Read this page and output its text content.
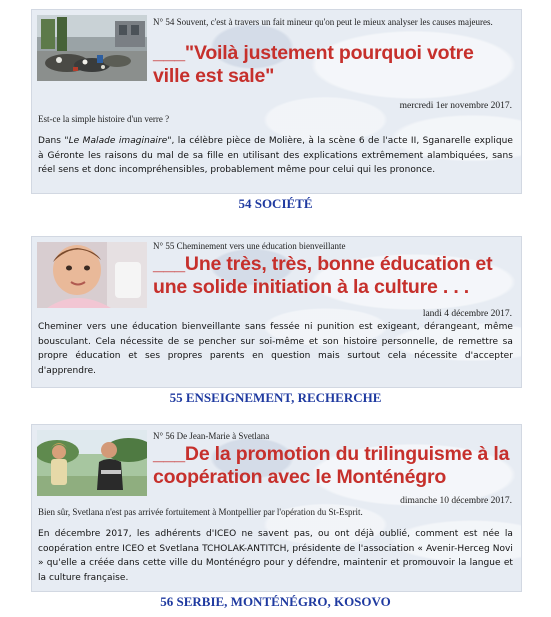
N° 54 Souvent, c'est à travers un fait mineur qu'on peut le mieux analyser les causes majeures.
___"Voilà justement pourquoi votre ville est sale"
mercredi 1er novembre 2017.
Est-ce la simple histoire d'un verre ?
Dans "Le Malade imaginaire", la célèbre pièce de Molière, à la scène 6 de l'acte II, Sganarelle explique à Géronte les raisons du mal de sa fille en utilisant des explications extrêmement alambiquées, sans réel sens et donc incompréhensibles, probablement même pour celui qui les prononce.
54 SOCIÉTÉ
N° 55 Cheminement vers une éducation bienveillante
___Une très, très, bonne éducation et une solide initiation à la culture . . .
landi 4 décembre 2017.
Cheminer vers une éducation bienveillante sans fessée ni punition est exigeant, dérangeant, même bousculant. Cela nécessite de se pencher sur soi-même et son histoire personnelle, de remettre sa propre éducation et ses propres parents en question mais surtout cela nécessite d'accepter d'apprendre.
55 ENSEIGNEMENT, RECHERCHE
N° 56 De Jean-Marie à Svetlana
___De la promotion du trilinguisme à la coopération avec le Monténégro
dimanche 10 décembre 2017.
Bien sûr, Svetlana n'est pas arrivée fortuitement à Montpellier par l'opération du St-Esprit.
En décembre 2017, les adhérents d'ICEO ne savent pas, ou ont déjà oublié, comment est née la coopération entre ICEO et Svetlana TCHOLAK-ANTITCH, présidente de l'association « Avenir-Herceg Novi » qu'elle a créée dans cette ville du Monténégro pour y défendre, maintenir et promouvoir la langue et la culture française.
56 SERBIE, MONTÉNÉGRO, KOSOVO
